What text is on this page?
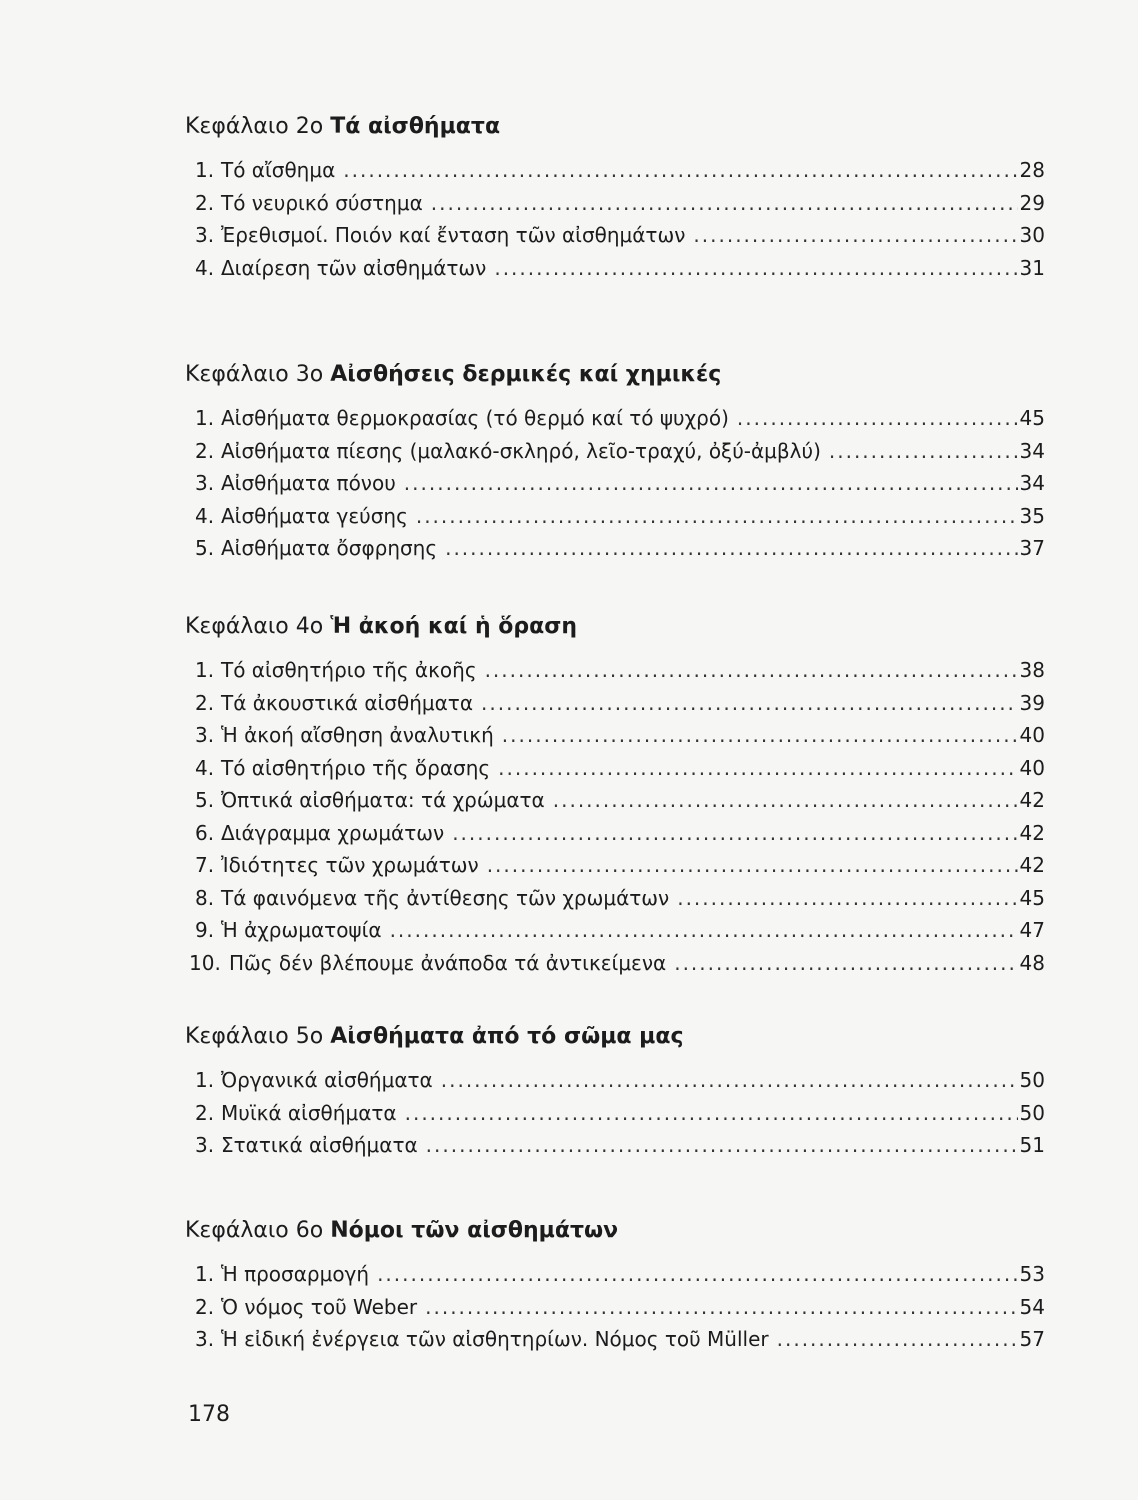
Κεφάλαιο 2ο Τά αἰσθήματα
1. Τό αἴσθημα .....	28
2. Τό νευρικό σύστημα .....	29
3. Ἐρεθισμοί. Ποιόν καί ἔνταση τῶν αἰσθημάτων .....	30
4. Διαίρεση τῶν αἰσθημάτων .....	31
Κεφάλαιο 3ο Αἰσθήσεις δερμικές καί χημικές
1. Αἰσθήματα θερμοκρασίας (τό θερμό καί τό ψυχρό) .....	45
2. Αἰσθήματα πίεσης (μαλακό-σκληρό, λεῖο-τραχύ, ὀξύ-ἀμβλύ) .....	34
3. Αἰσθήματα πόνου .....	34
4. Αἰσθήματα γεύσης .....	35
5. Αἰσθήματα ὄσφρησης .....	37
Κεφάλαιο 4ο Ἡ ἀκοή καί ἡ ὅραση
1. Τό αἰσθητήριο τῆς ἀκοῆς .....	38
2. Τά ἀκουστικά αἰσθήματα .....	39
3. Ἡ ἀκοή αἴσθηση ἀναλυτική .....	40
4. Τό αἰσθητήριο τῆς ὅρασης .....	40
5. Ὀπτικά αἰσθήματα: τά χρώματα .....	42
6. Διάγραμμα χρωμάτων .....	42
7. Ἰδιότητες τῶν χρωμάτων .....	42
8. Τά φαινόμενα τῆς ἀντίθεσης τῶν χρωμάτων .....	45
9. Ἡ ἀχρωματοψία .....	47
10. Πῶς δέν βλέπουμε ἀνάποδα τά ἀντικείμενα .....	48
Κεφάλαιο 5ο Αἰσθήματα ἀπό τό σῶμα μας
1. Ὀργανικά αἰσθήματα .....	50
2. Μυϊκά αἰσθήματα .....	50
3. Στατικά αἰσθήματα .....	51
Κεφάλαιο 6ο Νόμοι τῶν αἰσθημάτων
1. Ἡ προσαρμογή .....	53
2. Ὁ νόμος τοῦ Weber .....	54
3. Ἡ εἰδική ἐνέργεια τῶν αἰσθητηρίων. Νόμος τοῦ Müller .....	57
178
